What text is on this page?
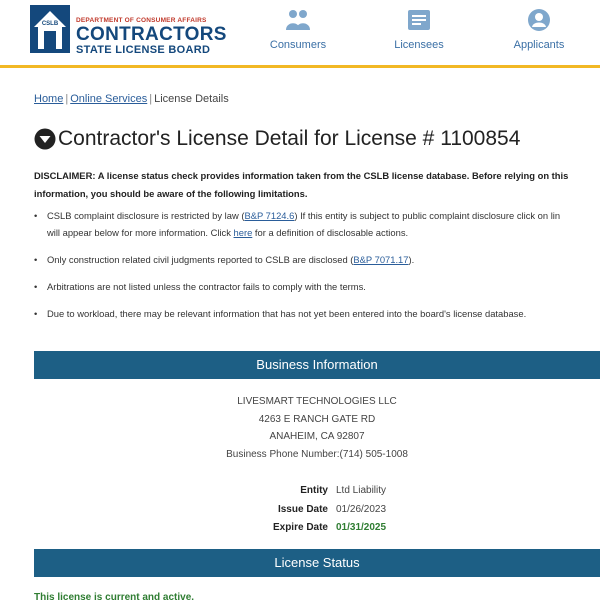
CSLB	DEPARTMENT OF CONSUMER AFFAIRS
CONTRACTORS
STATE LICENSE BOARD	Consumers	Licensees	Applicants
Home | Online Services | License Details
Contractor's License Detail for License # 1100854
DISCLAIMER: A license status check provides information taken from the CSLB license database. Before relying on this information, you should be aware of the following limitations.
• CSLB complaint disclosure is restricted by law (B&P 7124.6) If this entity is subject to public complaint disclosure click on lin
will appear below for more information. Click here for a definition of disclosable actions.
• Only construction related civil judgments reported to CSLB are disclosed (B&P 7071.17).
• Arbitrations are not listed unless the contractor fails to comply with the terms.
• Due to workload, there may be relevant information that has not yet been entered into the board's license database.
Business Information
LIVESMART TECHNOLOGIES LLC
4263 E RANCH GATE RD
ANAHEIM, CA 92807
Business Phone Number:(714) 505-1008
Entity Ltd Liability
Issue Date 01/26/2023
Expire Date 01/31/2025
License Status
This license is current and active.
